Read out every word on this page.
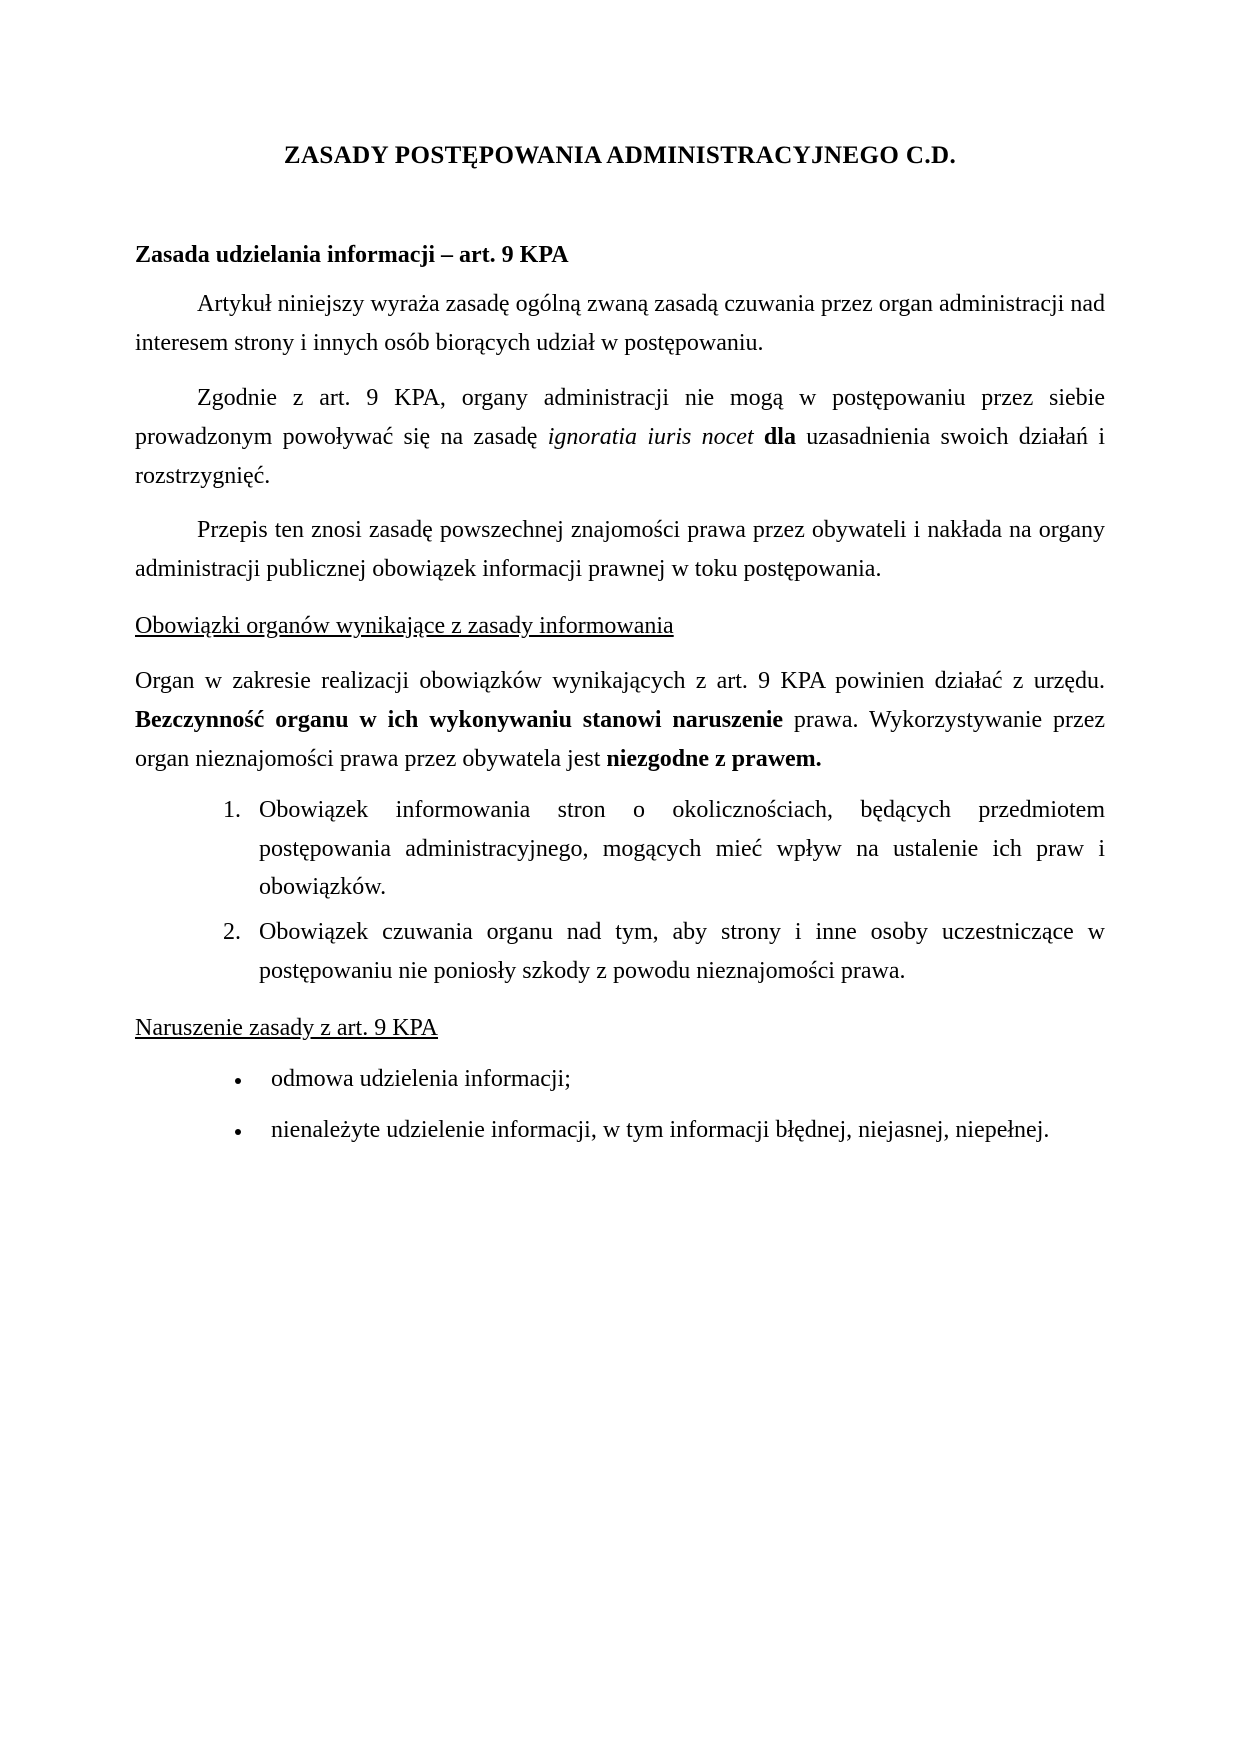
ZASADY POSTĘPOWANIA ADMINISTRACYJNEGO C.D.
Zasada udzielania informacji – art. 9 KPA

Artykuł niniejszy wyraża zasadę ogólną zwaną zasadą czuwania przez organ administracji nad interesem strony i innych osób biorących udział w postępowaniu.

Zgodnie z art. 9 KPA, organy administracji nie mogą w postępowaniu przez siebie prowadzonym powoływać się na zasadę ignoratia iuris nocet dla uzasadnienia swoich działań i rozstrzygnięć.

Przepis ten znosi zasadę powszechnej znajomości prawa przez obywateli i nakłada na organy administracji publicznej obowiązek informacji prawnej w toku postępowania.

Obowiązki organów wynikające z zasady informowania

Organ w zakresie realizacji obowiązków wynikających z art. 9 KPA powinien działać z urzędu. Bezczynność organu w ich wykonywaniu stanowi naruszenie prawa. Wykorzystywanie przez organ nieznajomości prawa przez obywatela jest niezgodne z prawem.

1. Obowiązek informowania stron o okolicznościach, będących przedmiotem postępowania administracyjnego, mogących mieć wpływ na ustalenie ich praw i obowiązków.
2. Obowiązek czuwania organu nad tym, aby strony i inne osoby uczestniczące w postępowaniu nie poniosły szkody z powodu nieznajomości prawa.
Naruszenie zasady z art. 9 KPA
• odmowa udzielenia informacji;
• nienależyte udzielenie informacji, w tym informacji błędnej, niejasnej, niepełnej.
